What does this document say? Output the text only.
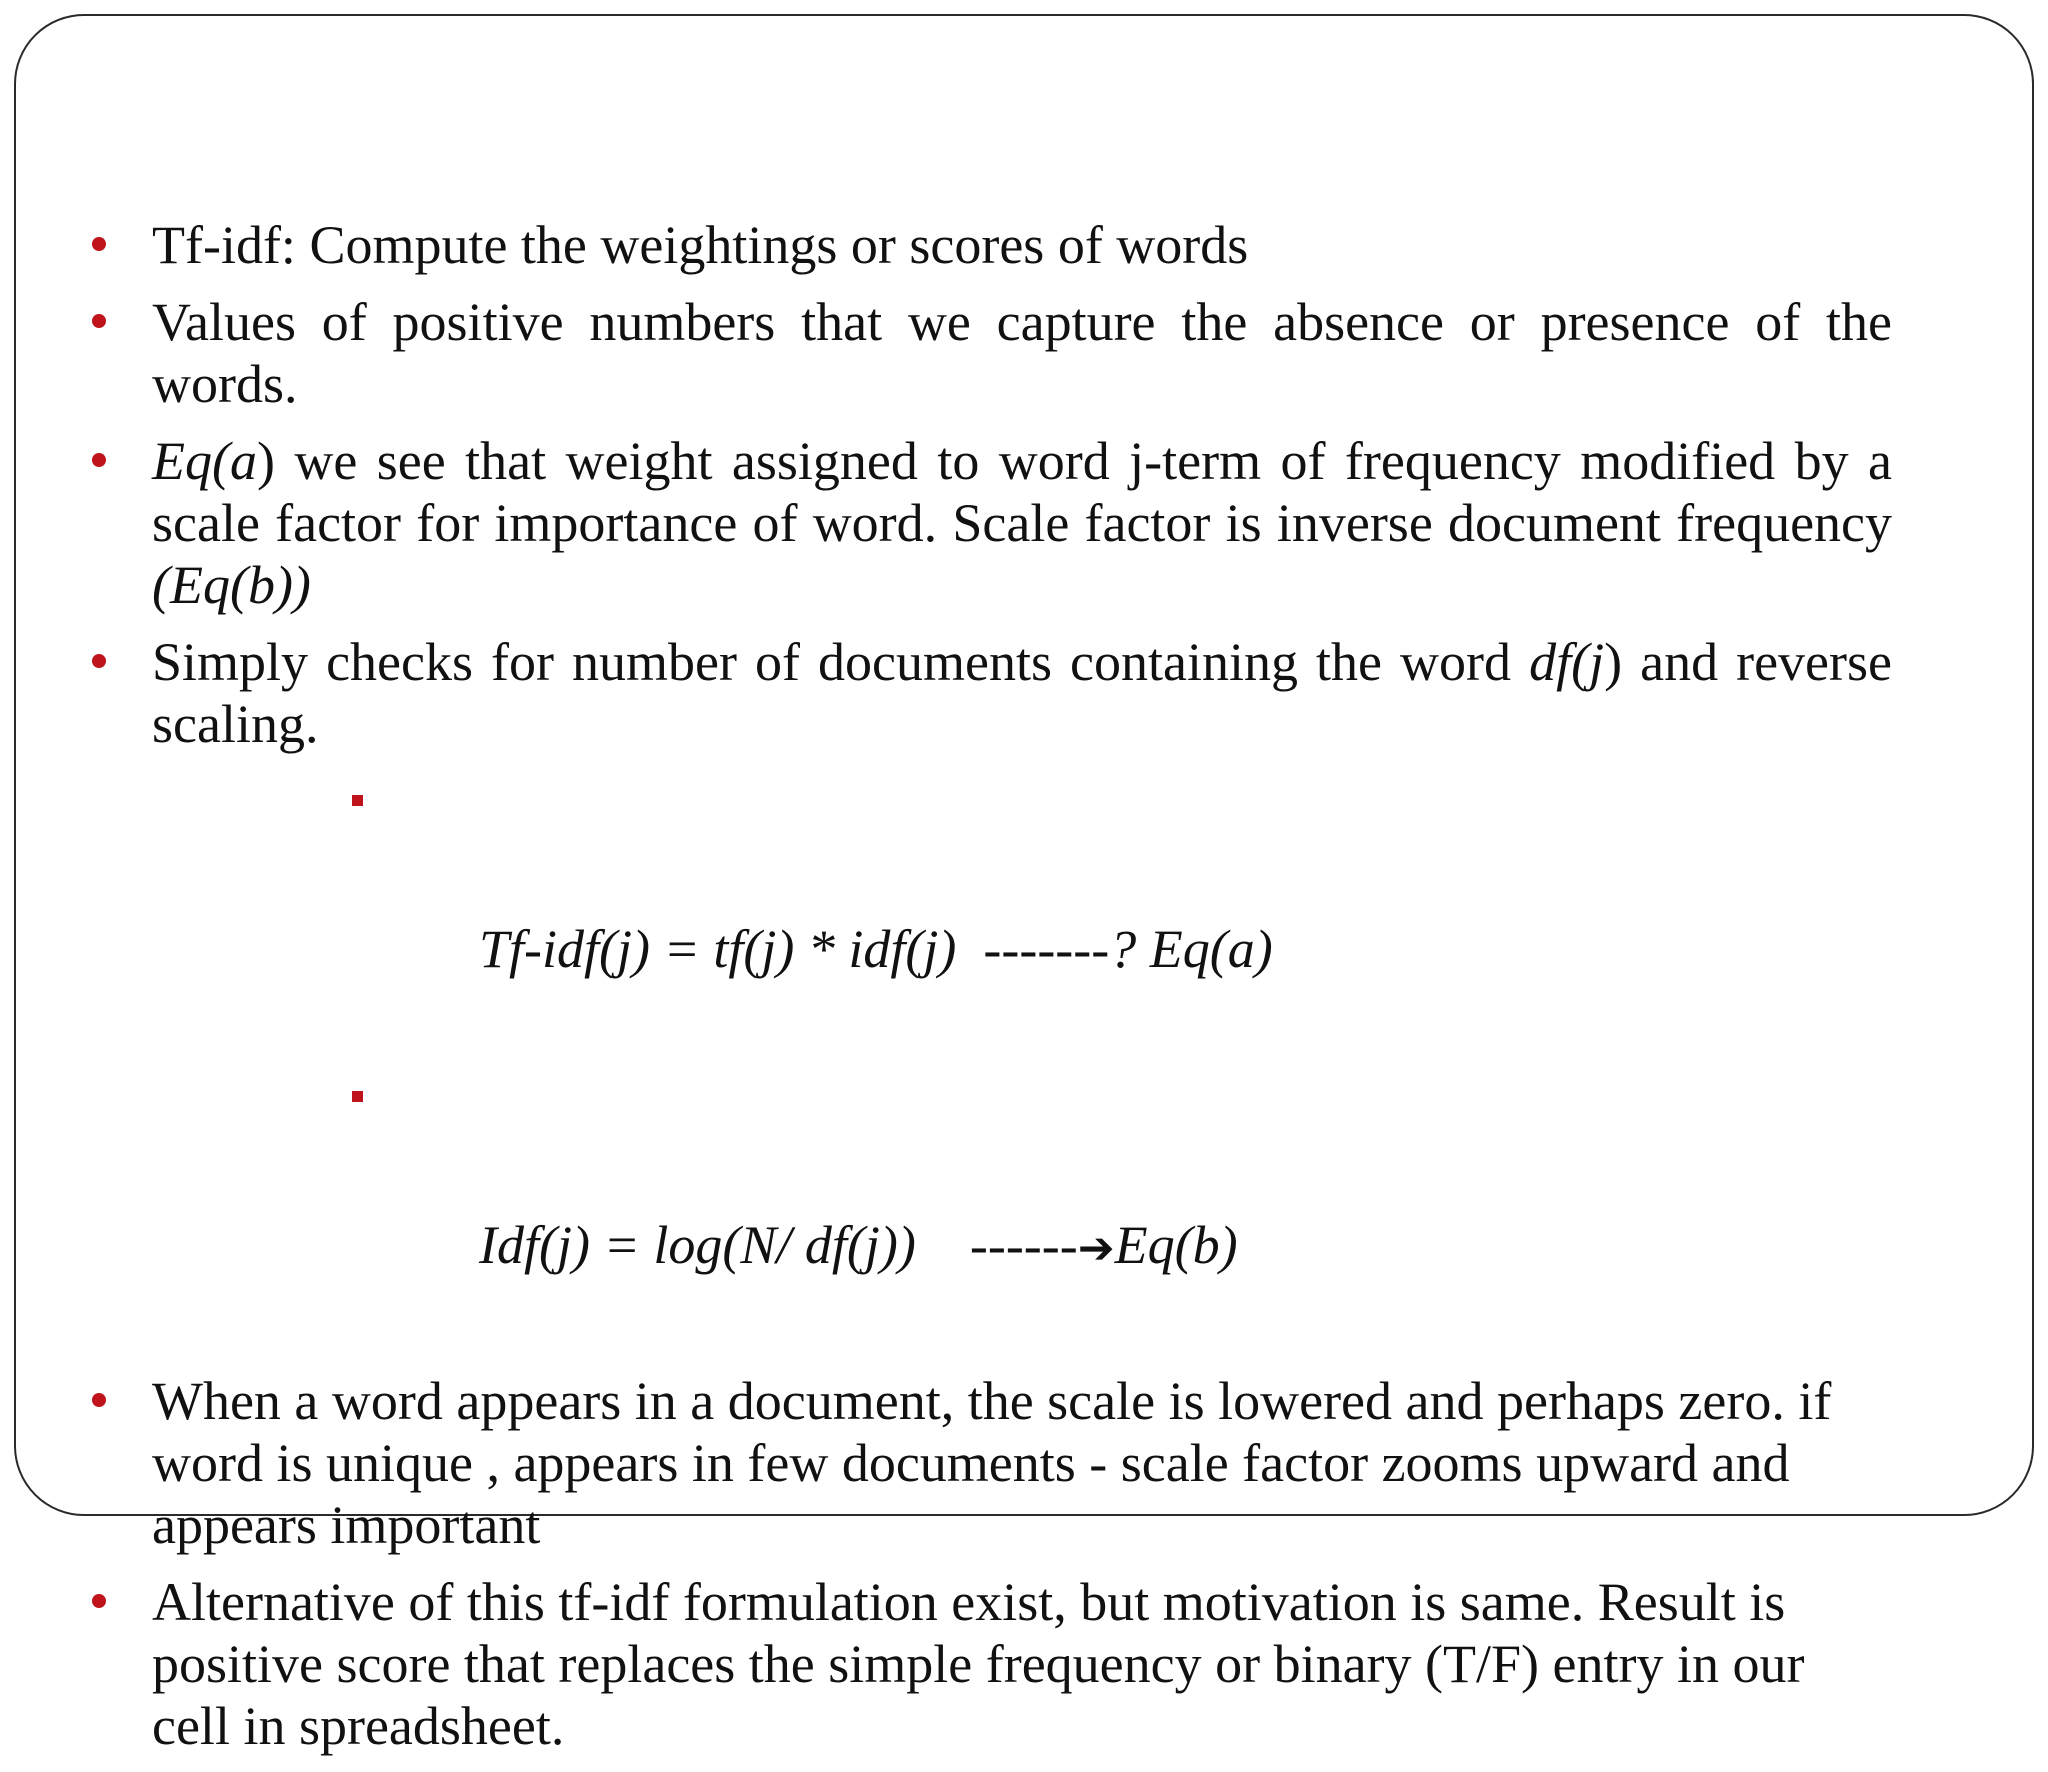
Tf-idf: Compute the weightings or scores of words
Values of positive numbers that we capture the absence or presence of the words.
Eq(a) we see that weight assigned to word j-term of frequency modified by a scale factor for importance of word. Scale factor is inverse document frequency (Eq(b))
Simply checks for number of documents containing the word df(j) and reverse scaling.

Tf-idf(j) = tf(j) * idf(j)  -------? Eq(a)

Idf(j) = log(N/ df(j))    ------➔Eq(b)

When a word appears in a document, the scale is lowered and perhaps zero. if word is unique , appears in few documents - scale factor zooms upward and appears important
Alternative of this tf-idf formulation exist, but motivation is same. Result is positive score that replaces the simple frequency or binary (T/F) entry in our cell in spreadsheet.
